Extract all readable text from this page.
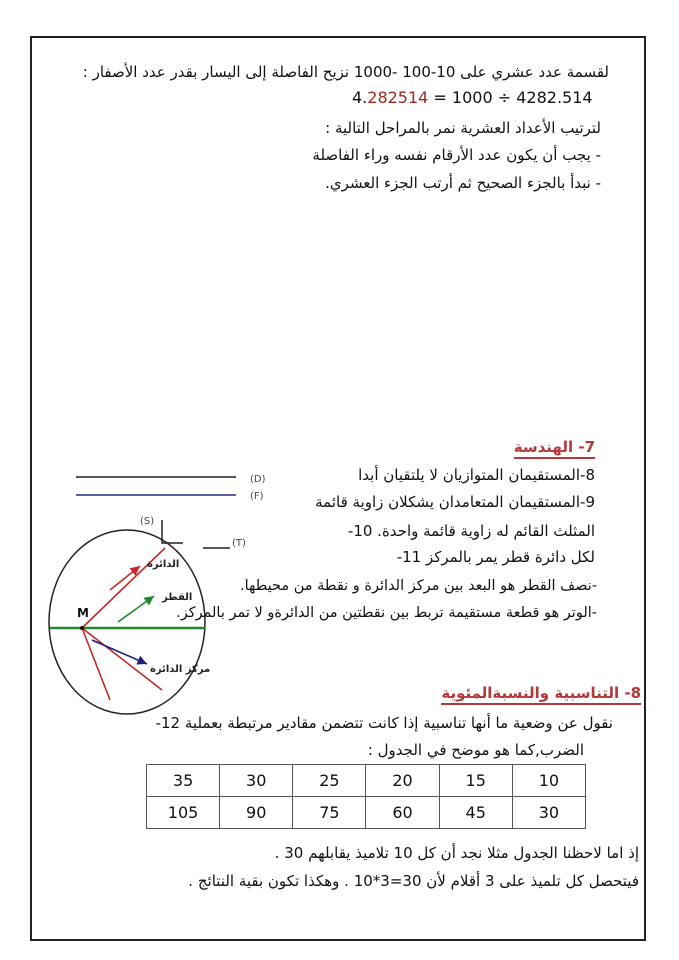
لقسمة عدد عشري على 10-100 -1000 نزيح الفاصلة إلى اليسار بقدر عدد الأصفار :
4.282514 = 1000 ÷ 4282.514
لترتيب الأعداد العشرية نمر بالمراحل التالية :
- يجب أن يكون عدد الأرقام نفسه وراء الفاصلة
- نبدأ بالجزء الصحيح ثم أرتب الجزء العشري.
7- الهندسة
8-المستقيمان المتوازيان لا يلتقيان أبدا
9-المستقيمان المتعامدان يشكلان زاوية قائمة
المثلث القائم له زاوية قائمة واحدة. 10-
لكل دائرة قطر يمر بالمركز 11-
-نصف القطر هو البعد بين مركز الدائرة و نقطة من محيطها.
-الوتر هو قطعة مستقيمة تربط بين نقطتين من الدائرةو لا تمر بالمركز.
(D)
(F)
(S)
(T)
الدائرة
القطر
مركز الدائرة
M
8- التناسبية والنسبةالمئوية
نقول عن وضعية ما أنها تناسبية إذا كانت تتضمن مقادير مرتبطة بعملية 12-
الضرب,كما هو موضح في الجدول :
35	30	25	20	15	10
105	90	75	60	45	30
إذ اما لاحظنا الجدول مثلا نجد أن كل 10 تلاميذ يقابلهم 30 .
فيتحصل كل تلميذ على 3 أقلام لأن 30=3*10 . وهكذا تكون بقية النتائج .
